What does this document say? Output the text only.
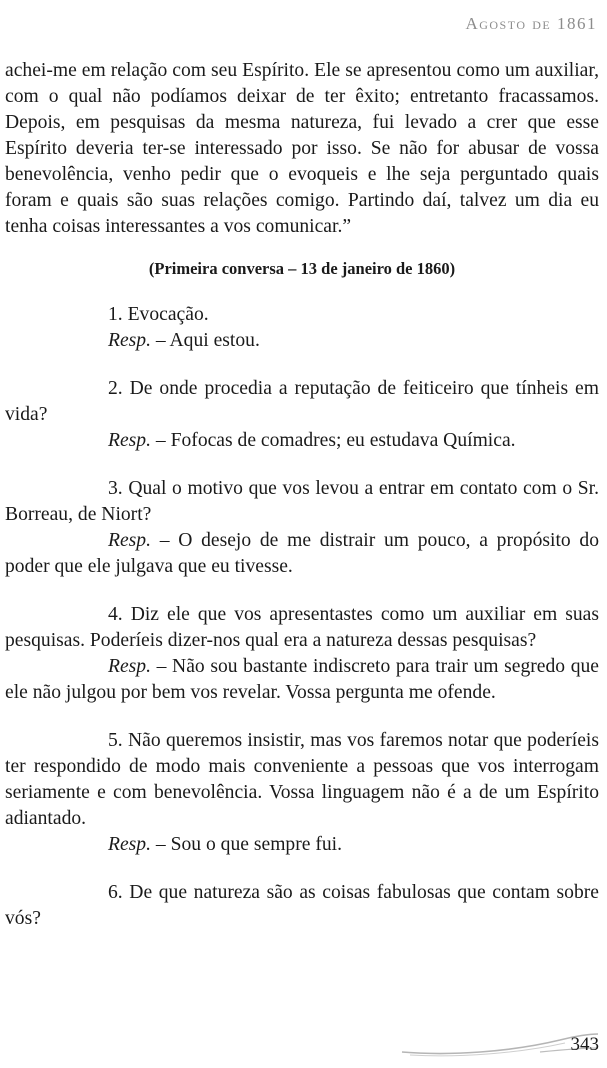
Agosto de 1861

achei-me em relação com seu Espírito. Ele se apresentou como um auxiliar, com o qual não podíamos deixar de ter êxito; entretanto fracassamos. Depois, em pesquisas da mesma natureza, fui levado a crer que esse Espírito deveria ter-se interessado por isso. Se não for abusar de vossa benevolência, venho pedir que o evoqueis e lhe seja perguntado quais foram e quais são suas relações comigo. Partindo daí, talvez um dia eu tenha coisas interessantes a vos comunicar.”

(Primeira conversa – 13 de janeiro de 1860)

1. Evocação.

Resp. – Aqui estou.

2. De onde procedia a reputação de feiticeiro que tínheis em vida?

Resp. – Fofocas de comadres; eu estudava Química.

3. Qual o motivo que vos levou a entrar em contato com o Sr. Borreau, de Niort?

Resp. – O desejo de me distrair um pouco, a propósito do poder que ele julgava que eu tivesse.

4. Diz ele que vos apresentastes como um auxiliar em suas pesquisas. Poderíeis dizer-nos qual era a natureza dessas pesquisas?

Resp. – Não sou bastante indiscreto para trair um segredo que ele não julgou por bem vos revelar. Vossa pergunta me ofende.

5. Não queremos insistir, mas vos faremos notar que poderíeis ter respondido de modo mais conveniente a pessoas que vos interrogam seriamente e com benevolência. Vossa linguagem não é a de um Espírito adiantado.

Resp. – Sou o que sempre fui.

6. De que natureza são as coisas fabulosas que contam sobre vós?

343
